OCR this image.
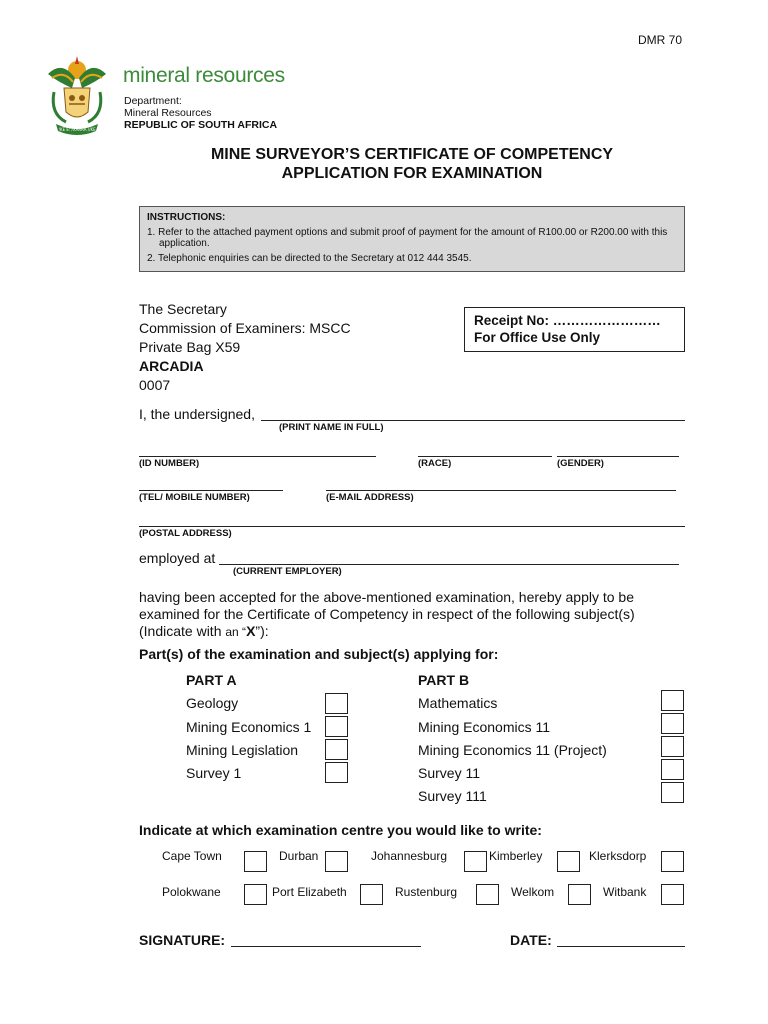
DMR 70
!KE E: /XARRA //KE
mineral resources
Department:
Mineral Resources
REPUBLIC OF SOUTH AFRICA
MINE SURVEYOR’S CERTIFICATE OF COMPETENCY
APPLICATION FOR EXAMINATION
INSTRUCTIONS:
1. Refer to the attached payment options and submit proof of payment for the amount of R100.00 or R200.00 with this
application.
2. Telephonic enquiries can be directed to the Secretary at 012 444 3545.
The Secretary
Commission of Examiners: MSCC
Private Bag X59
ARCADIA
0007
Receipt No: ……………………
For Office Use Only
I, the undersigned,
(PRINT NAME IN FULL)
(ID NUMBER)	(RACE)	(GENDER)
(TEL/ MOBILE NUMBER)	(E-MAIL ADDRESS)
(POSTAL ADDRESS)
employed at
(CURRENT EMPLOYER)
having been accepted for the above-mentioned examination, hereby apply to be
examined for the Certificate of Competency in respect of the following subject(s)
(Indicate with an “X”):
Part(s) of the examination and subject(s) applying for:
PART A
Geology
Mining Economics 1
Mining Legislation
Survey 1
PART B
Mathematics
Mining Economics 11
Mining Economics 11 (Project)
Survey 11
Survey 111
Indicate at which examination centre you would like to write:
Cape Town	Durban	Johannesburg	Kimberley	Klerksdorp
Polokwane	Port Elizabeth	Rustenburg	Welkom	Witbank
SIGNATURE:	DATE:
